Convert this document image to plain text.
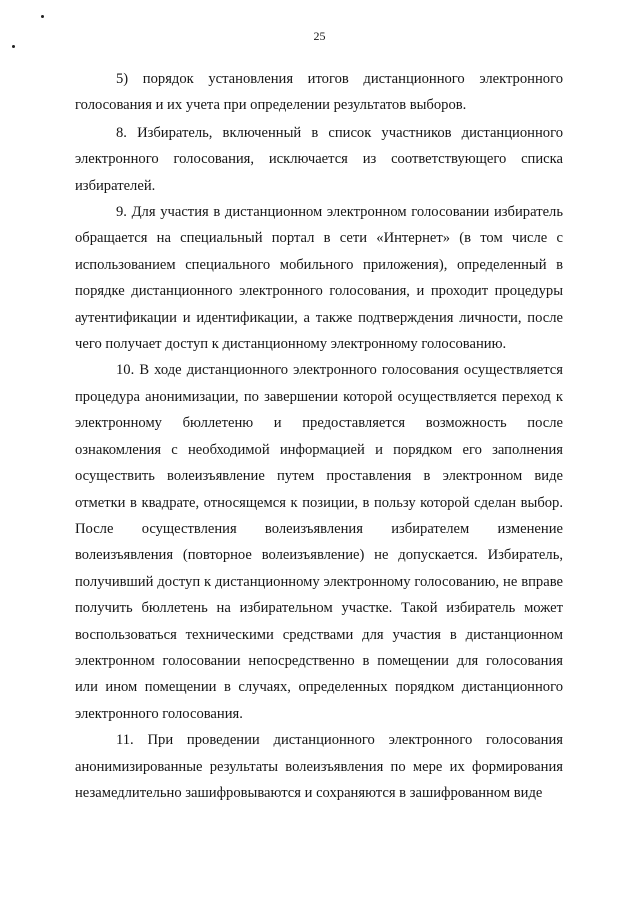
25

5) порядок установления итогов дистанционного электронного голосования и их учета при определении результатов выборов.

8. Избиратель, включенный в список участников дистанционного электронного голосования, исключается из соответствующего списка избирателей.

9. Для участия в дистанционном электронном голосовании избиратель обращается на специальный портал в сети «Интернет» (в том числе с использованием специального мобильного приложения), определенный в порядке дистанционного электронного голосования, и проходит процедуры аутентификации и идентификации, а также подтверждения личности, после чего получает доступ к дистанционному электронному голосованию.

10. В ходе дистанционного электронного голосования осуществляется процедура анонимизации, по завершении которой осуществляется переход к электронному бюллетеню и предоставляется возможность после ознакомления с необходимой информацией и порядком его заполнения осуществить волеизъявление путем проставления в электронном виде отметки в квадрате, относящемся к позиции, в пользу которой сделан выбор. После осуществления волеизъявления избирателем изменение волеизъявления (повторное волеизъявление) не допускается. Избиратель, получивший доступ к дистанционному электронному голосованию, не вправе получить бюллетень на избирательном участке. Такой избиратель может воспользоваться техническими средствами для участия в дистанционном электронном голосовании непосредственно в помещении для голосования или ином помещении в случаях, определенных порядком дистанционного электронного голосования.

11. При проведении дистанционного электронного голосования анонимизированные результаты волеизъявления по мере их формирования незамедлительно зашифровываются и сохраняются в зашифрованном виде
